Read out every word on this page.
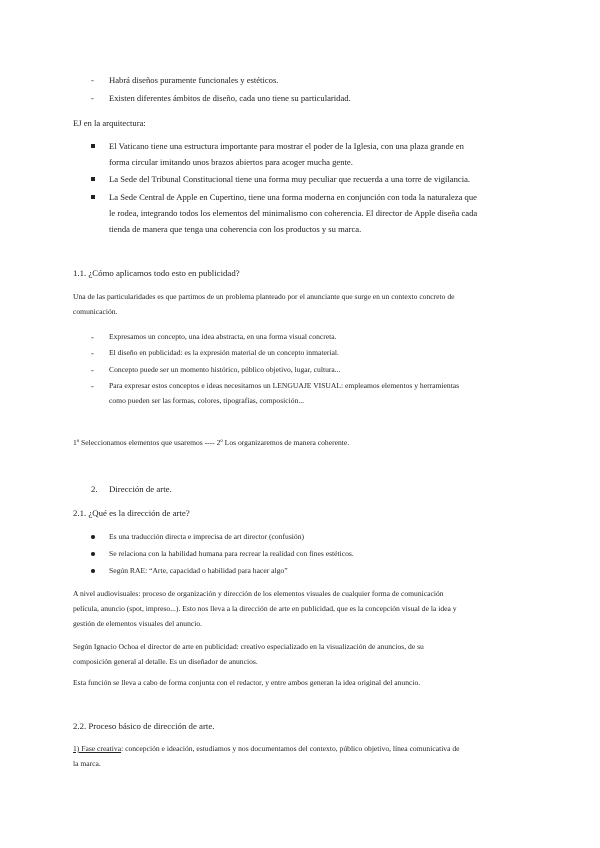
- Habrá diseños puramente funcionales y estéticos.
- Existen diferentes ámbitos de diseño, cada uno tiene su particularidad.
EJ en la arquitectura:
El Vaticano tiene una estructura importante para mostrar el poder de la Iglesia, con una plaza grande en
forma circular imitando unos brazos abiertos para acoger mucha gente.
La Sede del Tribunal Constitucional tiene una forma muy peculiar que recuerda a una torre de vigilancia.
La Sede Central de Apple en Cupertino, tiene una forma moderna en conjunción con toda la naturaleza que
le rodea, integrando todos los elementos del minimalismo con coherencia. El director de Apple diseña cada
tienda de manera que tenga una coherencia con los productos y su marca.
1.1. ¿Cómo aplicamos todo esto en publicidad?
Una de las particularidades es que partimos de un problema planteado por el anunciante que surge en un contexto concreto de
comunicación.
- Expresamos un concepto, una idea abstracta, en una forma visual concreta.
- El diseño en publicidad: es la expresión material de un concepto inmaterial.
- Concepto puede ser un momento histórico, público objetivo, lugar, cultura...
- Para expresar estos conceptos e ideas necesitamos un LENGUAJE VISUAL: empleamos elementos y herramientas
como pueden ser las formas, colores, tipografías, composición...
1º Seleccionamos elementos que usaremos ---- 2º Los organizaremos de manera coherente.
2. Dirección de arte.
2.1. ¿Qué es la dirección de arte?
Es una traducción directa e imprecisa de art director (confusión)
Se relaciona con la habilidad humana para recrear la realidad con fines estéticos.
Según RAE: “Arte, capacidad o habilidad para hacer algo”
A nivel audiovisuales: proceso de organización y dirección de los elementos visuales de cualquier forma de comunicación
película, anuncio (spot, impreso...). Esto nos lleva a la dirección de arte en publicidad, que es la concepción visual de la idea y
gestión de elementos visuales del anuncio.
Según Ignacio Ochoa el director de arte en publicidad: creativo especializado en la visualización de anuncios, de su
composición general al detalle. Es un diseñador de anuncios.
Esta función se lleva a cabo de forma conjunta con el redactor, y entre ambos generan la idea original del anuncio.
2.2. Proceso básico de dirección de arte.
1) Fase creativa: concepción e ideación, estudiamos y nos documentamos del contexto, público objetivo, línea comunicativa de
la marca.
